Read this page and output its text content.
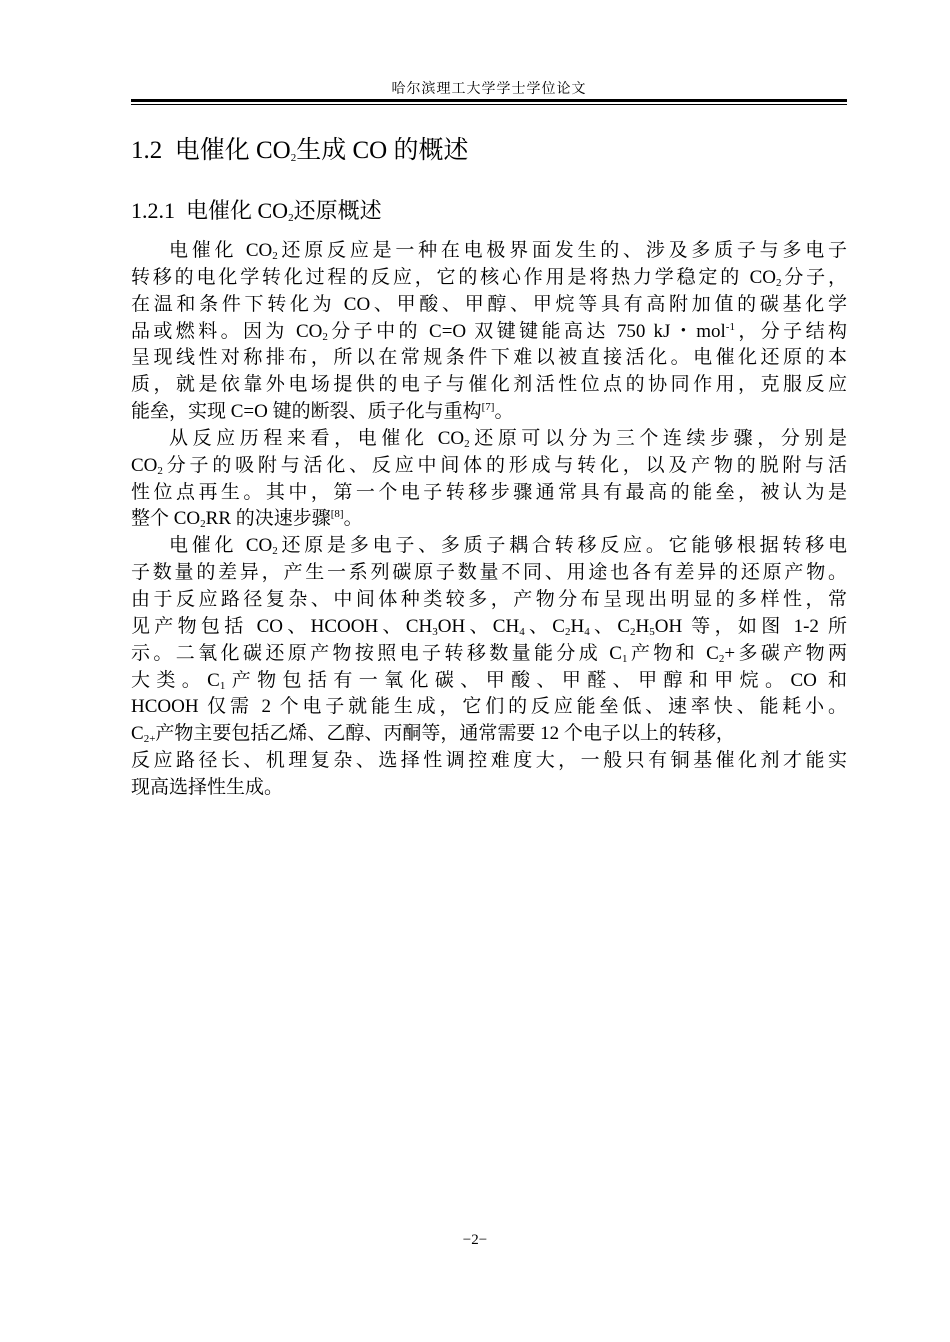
哈尔滨理工大学学士学位论文
1.2 电催化 $CO_2$生成 CO 的概述
1.2.1 电催化 $CO_2$还原概述
电催化 $CO_2$还原反应是一种在电极界面发生的、涉及多质子与多电子
转移的电化学转化过程的反应，它的核心作用是将热力学稳定的 $CO_2$分子，
在温和条件下转化为 CO、甲酸、甲醇、甲烷等具有高附加值的碳基化学
品或燃料。因为 $CO_2$分子中的 C=O 双键键能高达 750 kJ・mol$^{-1}$，分子结构
呈现线性对称排布，所以在常规条件下难以被直接活化。电催化还原的本
质，就是依靠外电场提供的电子与催化剂活性位点的协同作用，克服反应
能垒，实现 C=O 键的断裂、质子化与重构[7]。
从反应历程来看，电催化 $CO_2$还原可以分为三个连续步骤，分别是
$CO_2$分子的吸附与活化、反应中间体的形成与转化，以及产物的脱附与活
性位点再生。其中，第一个电子转移步骤通常具有最高的能垒，被认为是
整个 $CO_2RR$ 的决速步骤[8]。
电催化 $CO_2$还原是多电子、多质子耦合转移反应。它能够根据转移电
子数量的差异，产生一系列碳原子数量不同、用途也各有差异的还原产物。
由于反应路径复杂、中间体种类较多，产物分布呈现出明显的多样性，常
见产物包括 CO、HCOOH、$CH_3OH$、$CH_4$、$C_2H_4$、$C_2H_5OH$ 等，如图 1-2 所
示。二氧化碳还原产物按照电子转移数量能分成 $C_1$产物和 $C_2+$多碳产物两
大类。$C_1$产物包括有一氧化碳、甲酸、甲醛、甲醇和甲烷。CO 和
HCOOH 仅需 2 个电子就能生成，它们的反应能垒低、速率快、能耗小。
$C_{2+}$产物主要包括乙烯、乙醇、丙酮等，通常需要 12 个电子以上的转移，
反应路径长、机理复杂、选择性调控难度大，一般只有铜基催化剂才能实
现高选择性生成。
−2−
